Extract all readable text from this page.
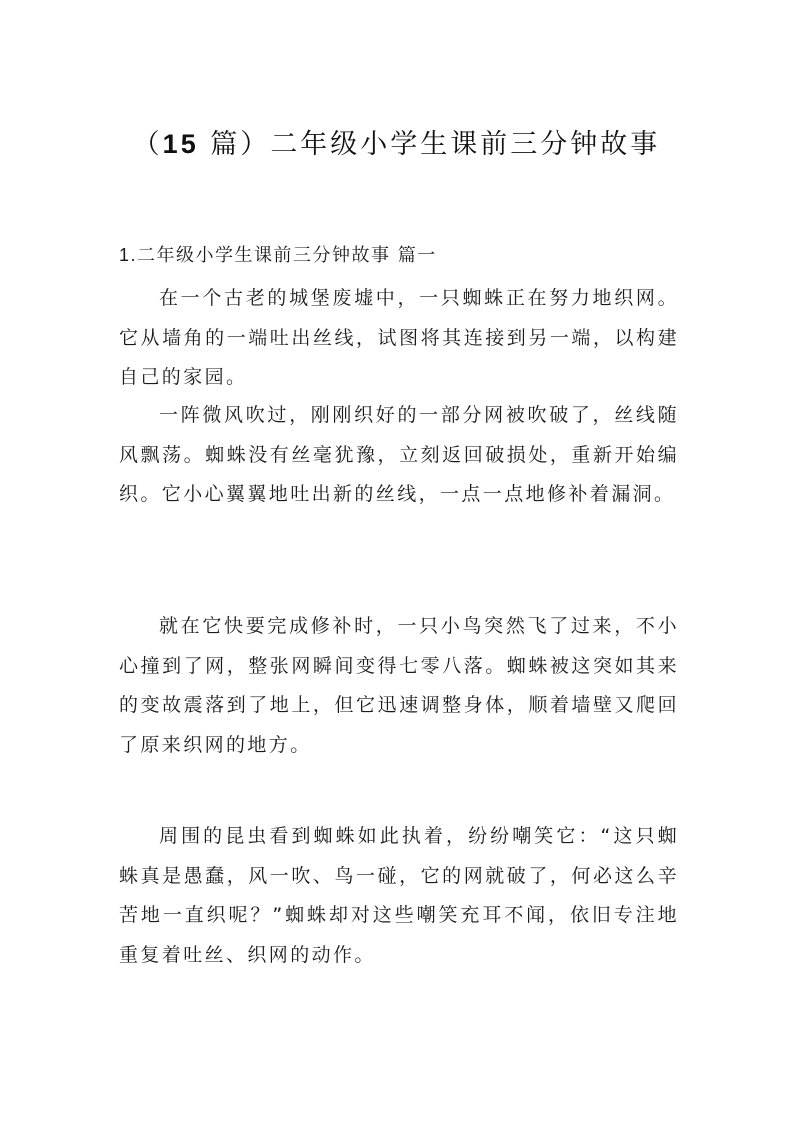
（15 篇）二年级小学生课前三分钟故事
1.二年级小学生课前三分钟故事 篇一

在一个古老的城堡废墟中，一只蜘蛛正在努力地织网。它从墙角的一端吐出丝线，试图将其连接到另一端，以构建自己的家园。

一阵微风吹过，刚刚织好的一部分网被吹破了，丝线随风飘荡。蜘蛛没有丝毫犹豫，立刻返回破损处，重新开始编织。它小心翼翼地吐出新的丝线，一点一点地修补着漏洞。

就在它快要完成修补时，一只小鸟突然飞了过来，不小心撞到了网，整张网瞬间变得七零八落。蜘蛛被这突如其来的变故震落到了地上，但它迅速调整身体，顺着墙壁又爬回了原来织网的地方。

周围的昆虫看到蜘蛛如此执着，纷纷嘲笑它：“这只蜘蛛真是愚蠢，风一吹、鸟一碰，它的网就破了，何必这么辛苦地一直织呢？”蜘蛛却对这些嘲笑充耳不闻，依旧专注地重复着吐丝、织网的动作。
